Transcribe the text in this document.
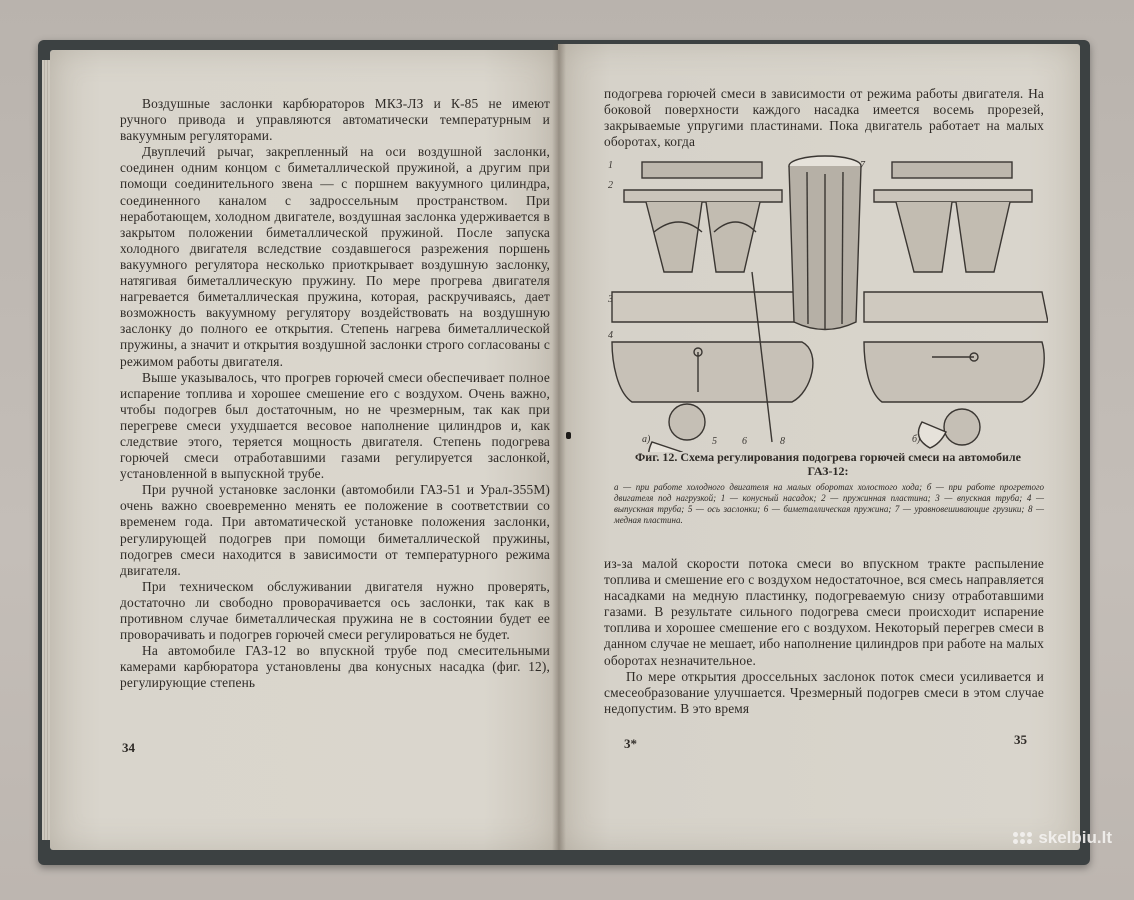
Воздушные заслонки карбюраторов МКЗ-ЛЗ и К-85 не имеют ручного привода и управляются автоматически температурным и вакуумным регуляторами.

Двуплечий рычаг, закрепленный на оси воздушной заслонки, соединен одним концом с биметаллической пружиной, а другим при помощи соединительного звена — с поршнем вакуумного цилиндра, соединенного каналом с задроссельным пространством. При неработающем, холодном двигателе, воздушная заслонка удерживается в закрытом положении биметаллической пружиной. После запуска холодного двигателя вследствие создавшегося разрежения поршень вакуумного регулятора несколько приоткрывает воздушную заслонку, натягивая биметаллическую пружину. По мере прогрева двигателя нагревается биметаллическая пружина, которая, раскручиваясь, дает возможность вакуумному регулятору воздействовать на воздушную заслонку до полного ее открытия. Степень нагрева биметаллической пружины, а значит и открытия воздушной заслонки строго согласованы с режимом работы двигателя.

Выше указывалось, что прогрев горючей смеси обеспечивает полное испарение топлива и хорошее смешение его с воздухом. Очень важно, чтобы подогрев был достаточным, но не чрезмерным, так как при перегреве смеси ухудшается весовое наполнение цилиндров и, как следствие этого, теряется мощность двигателя. Степень подогрева горючей смеси отработавшими газами регулируется заслонкой, установленной в выпускной трубе.

При ручной установке заслонки (автомобили ГАЗ-51 и Урал-355М) очень важно своевременно менять ее положение в соответствии со временем года. При автоматической установке положения заслонки, регулирующей подогрев при помощи биметаллической пружины, подогрев смеси находится в зависимости от температурного режима двигателя.

При техническом обслуживании двигателя нужно проверять, достаточно ли свободно проворачивается ось заслонки, так как в противном случае биметаллическая пружина не в состоянии будет ее проворачивать и подогрев горючей смеси регулироваться не будет.

На автомобиле ГАЗ-12 во впускной трубе под смесительными камерами карбюратора установлены два конусных насадка (фиг. 12), регулирующие степень

34

подогрева горючей смеси в зависимости от режима работы двигателя. На боковой поверхности каждого насадка имеется восемь прорезей, закрываемые упругими пластинами. Пока двигатель работает на малых оборотах, когда

1
2
3
4
5	6
7
8
а)	б)
Фиг. 12. Схема регулирования подогрева горючей смеси на автомобиле ГАЗ-12:
а — при работе холодного двигателя на малых оборотах холостого хода; б — при работе прогретого двигателя под нагрузкой; 1 — конусный насадок; 2 — пружинная пластина; 3 — впускная труба; 4 — выпускная труба; 5 — ось заслонки; 6 — биметаллическая пружина; 7 — уравновешивающие грузики; 8 — медная пластина.

из-за малой скорости потока смеси во впускном тракте распыление топлива и смешение его с воздухом недостаточное, вся смесь направляется насадками на медную пластинку, подогреваемую снизу отработавшими газами. В результате сильного подогрева смеси происходит испарение топлива и хорошее смешение его с воздухом. Некоторый перегрев смеси в данном случае не мешает, ибо наполнение цилиндров при работе на малых оборотах незначительное.

По мере открытия дроссельных заслонок поток смеси усиливается и смесеобразование улучшается. Чрезмерный подогрев смеси в этом случае недопустим. В это время

3*	35
skelbiu.lt
